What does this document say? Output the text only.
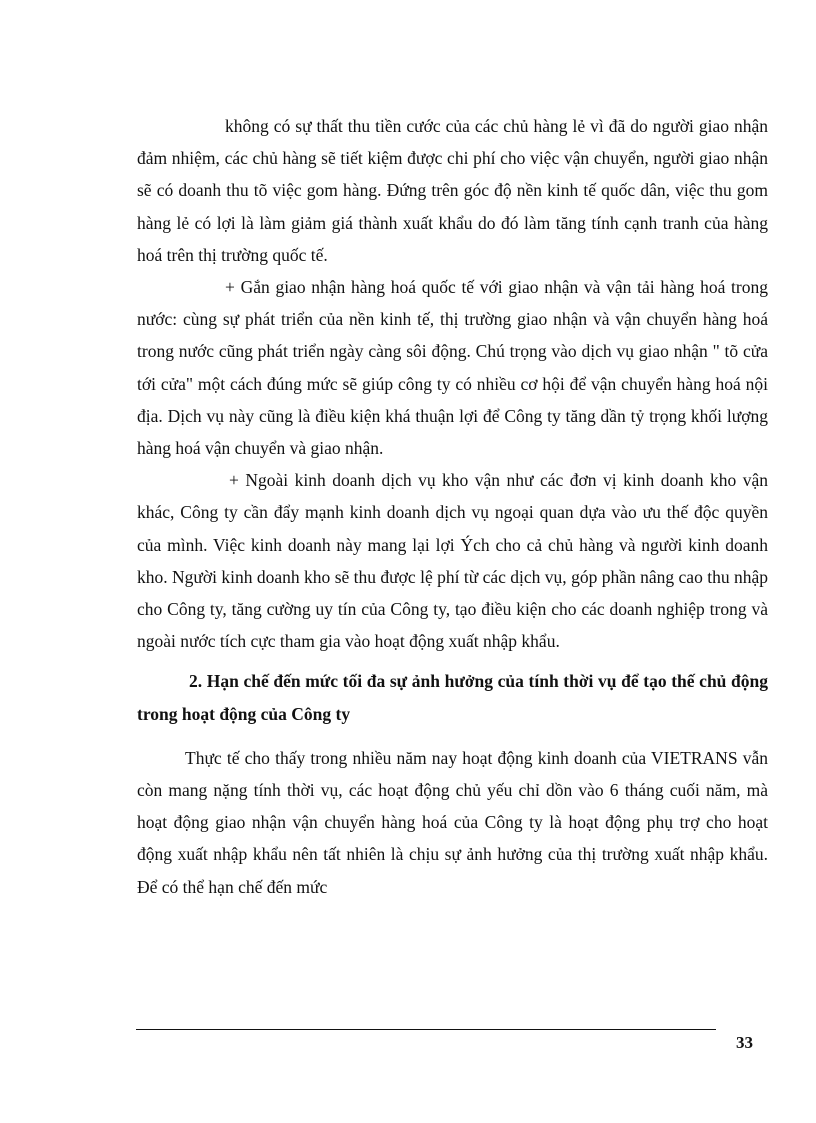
không có sự thất thu tiền cước của các chủ hàng lẻ vì đã do người giao nhận đảm nhiệm, các chủ hàng sẽ tiết kiệm được chi phí cho việc vận chuyển, người giao nhận sẽ có doanh thu tõ việc gom hàng. Đứng trên góc độ nền kinh tế quốc dân, việc thu gom hàng lẻ có lợi là làm giảm giá thành xuất khẩu do đó làm tăng tính cạnh tranh của hàng hoá trên thị trường quốc tế.

+ Gắn giao nhận hàng hoá quốc tế với giao nhận và vận tải hàng hoá trong nước: cùng sự phát triển của nền kinh tế, thị trường giao nhận và vận chuyển hàng hoá trong nước cũng phát triển ngày càng sôi động. Chú trọng vào dịch vụ giao nhận " tõ cửa tới cửa" một cách đúng mức sẽ giúp công ty có nhiều cơ hội để vận chuyển hàng hoá nội địa. Dịch vụ này cũng là điều kiện khá thuận lợi để Công ty tăng dần tỷ trọng khối lượng hàng hoá vận chuyển và giao nhận.

+ Ngoài kinh doanh dịch vụ kho vận như các đơn vị kinh doanh kho vận khác, Công ty cần đẩy mạnh kinh doanh dịch vụ ngoại quan dựa vào ưu thế độc quyền của mình. Việc kinh doanh này mang lại lợi Ých cho cả chủ hàng và người kinh doanh kho. Người kinh doanh kho sẽ thu được lệ phí từ các dịch vụ, góp phần nâng cao thu nhập cho Công ty, tăng cường uy tín của Công ty, tạo điều kiện cho các doanh nghiệp trong và ngoài nước tích cực tham gia vào hoạt động xuất nhập khẩu.

2. Hạn chế đến mức tối đa sự ảnh hưởng của tính thời vụ để tạo thế chủ động trong hoạt động của Công ty

Thực tế cho thấy trong nhiều năm nay hoạt động kinh doanh của VIETRANS vẫn còn mang nặng tính thời vụ, các hoạt động chủ yếu chỉ dồn vào 6 tháng cuối năm, mà hoạt động giao nhận vận chuyển hàng hoá của Công ty là hoạt động phụ trợ cho hoạt động xuất nhập khẩu nên tất nhiên là chịu sự ảnh hưởng của thị trường xuất nhập khẩu. Để có thể hạn chế đến mức

33
